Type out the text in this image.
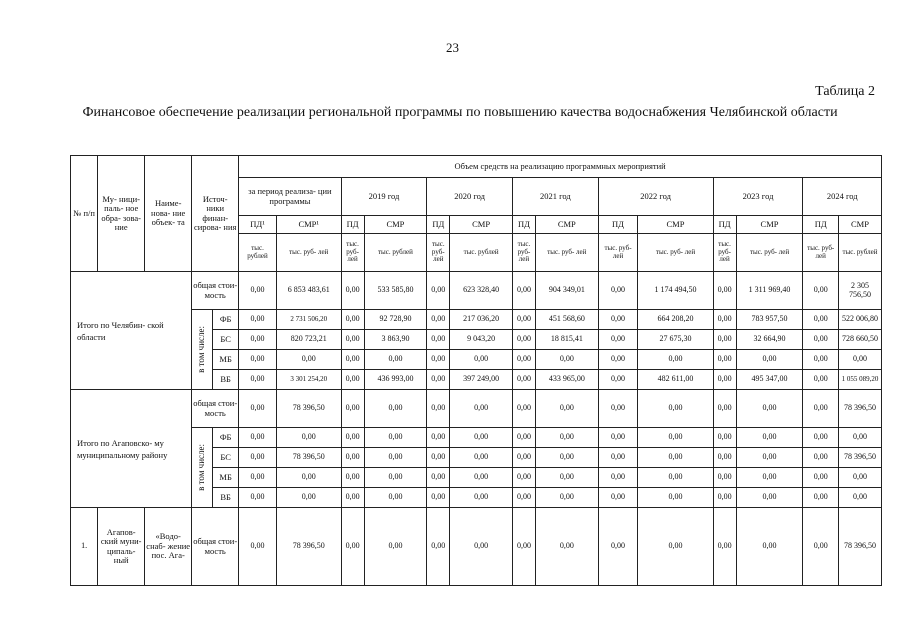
23
Таблица 2
Финансовое обеспечение реализации региональной программы по повышению качества водоснабжения Челябинской области
№ п/п	Му- ници- паль- ное обра- зова- ние	Наиме- нова- ние объек- та	Источ- ники финан- сирова- ния		Объем средств на реализацию программных мероприятий													
					за период реализа- ции программы		2019 год		2020 год		2021 год		2022 год		2023 год		2024 год	
					ПД¹	СМР¹	ПД	СМР	ПД	СМР	ПД	СМР	ПД	СМР	ПД	СМР	ПД	СМР
					тыс. рублей	тыс. руб- лей	тыс. руб- лей	тыс. рублей	тыс. руб- лей	тыс. рублей	тыс. руб- лей	тыс. руб- лей	тыс. руб- лей	тыс. руб- лей	тыс. руб- лей	тыс. руб- лей	тыс. руб- лей	тыс. рублей
Итого по Челябин- ской области			общая стои- мость		0,00	6 853 483,61	0,00	533 585,80	0,00	623 328,40	0,00	904 349,01	0,00	1 174 494,50	0,00	1 311 969,40	0,00	2 305 756,50

			в том числе:	ФБ	0,00	2 731 506,20	0,00	92 728,90	0,00	217 036,20	0,00	451 568,60	0,00	664 208,20	0,00	783 957,50	0,00	522 006,80
				БС	0,00	820 723,21	0,00	3 863,90	0,00	9 043,20	0,00	18 815,41	0,00	27 675,30	0,00	32 664,90	0,00	728 660,50
				МБ	0,00	0,00	0,00	0,00	0,00	0,00	0,00	0,00	0,00	0,00	0,00	0,00	0,00	0,00
				ВБ	0,00	3 301 254,20	0,00	436 993,00	0,00	397 249,00	0,00	433 965,00	0,00	482 611,00	0,00	495 347,00	0,00	1 055 089,20
Итого по Агаповско- му муниципальному району			общая стои- мость		0,00	78 396,50	0,00	0,00	0,00	0,00	0,00	0,00	0,00	0,00	0,00	0,00	0,00	78 396,50

			в том числе:	ФБ	0,00	0,00	0,00	0,00	0,00	0,00	0,00	0,00	0,00	0,00	0,00	0,00	0,00	0,00
				БС	0,00	78 396,50	0,00	0,00	0,00	0,00	0,00	0,00	0,00	0,00	0,00	0,00	0,00	78 396,50
				МБ	0,00	0,00	0,00	0,00	0,00	0,00	0,00	0,00	0,00	0,00	0,00	0,00	0,00	0,00
				ВБ	0,00	0,00	0,00	0,00	0,00	0,00	0,00	0,00	0,00	0,00	0,00	0,00	0,00	0,00
1.	Агапов- ский муни- ципаль- ный	«Водо- снаб- жение пос. Ага-	общая стои- мость		0,00	78 396,50	0,00	0,00	0,00	0,00	0,00	0,00	0,00	0,00	0,00	0,00	0,00	78 396,50
